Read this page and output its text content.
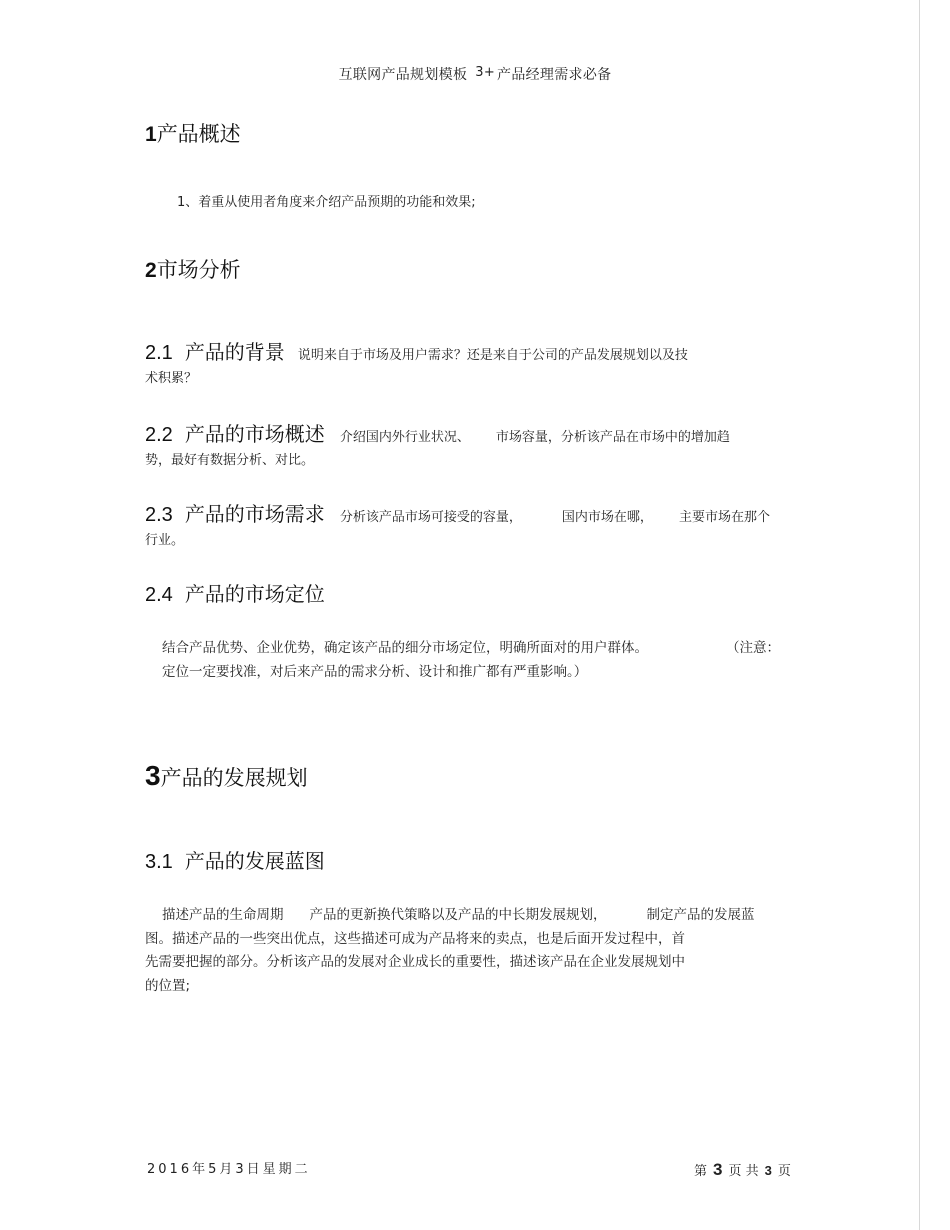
互联网产品规划模板 3+ 产品经理需求必备
1产品概述
1、着重从使用者角度来介绍产品预期的功能和效果;
2市场分析
2.1 产品的背景 说明来自于市场及用户需求？还是来自于公司的产品发展规划以及技
术积累？
2.2 产品的市场概述 介绍国内外行业状况、 市场容量，分析该产品在市场中的增加趋
势，最好有数据分析、对比。
2.3 产品的市场需求 分析该产品市场可接受的容量，	国内市场在哪， 主要市场在那个
行业。
2.4 产品的市场定位
结合产品优势、企业优势，确定该产品的细分市场定位，明确所面对的用户群体。	（注意：
定位一定要找准，对后来产品的需求分析、设计和推广都有严重影响。）
3产品的发展规划
3.1 产品的发展蓝图
描述产品的生命周期 产品的更新换代策略以及产品的中长期发展规划，	制定产品的发展蓝
图。描述产品的一些突出优点，这些描述可成为产品将来的卖点，也是后面开发过程中，首
先需要把握的部分。分析该产品的发展对企业成长的重要性，描述该产品在企业发展规划中
的位置;
2016年5月3日星期二	第 3 页 共 3 页
